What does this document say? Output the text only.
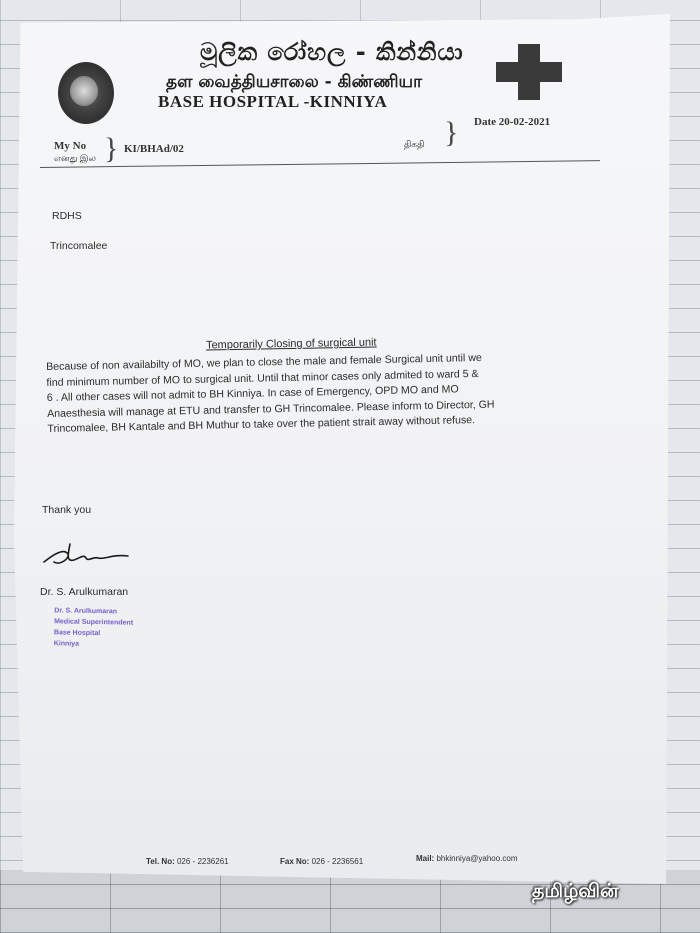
මූලික රෝහල - කින්නියා
தள வைத்தியசாலை - கிண்ணியா
BASE HOSPITAL -KINNIYA
My No
எனது இல } KI/BHAd/02	திகதி } Date 20-02-2021
RDHS
Trincomalee
Temporarily Closing of surgical unit
Because of non availabilty of MO, we plan to close the male and female Surgical unit until we
find minimum number of MO to surgical unit. Until that minor cases only admited to ward 5 &
6 . All other cases will not admit to BH Kinniya. In case of Emergency, OPD MO and MO
Anaesthesia will manage at ETU and transfer to GH Trincomalee. Please inform to Director, GH
Trincomalee, BH Kantale and BH Muthur to take over the patient strait away without refuse.
Thank you
Dr. S. Arulkumaran
Dr. S. Arulkumaran
Medical Superintendent
Base Hospital
Kinniya
Tel. No: 026 - 2236261	Fax No: 026 - 2236561	Mail: bhkinniya@yahoo.com
தமிழ்வின்
